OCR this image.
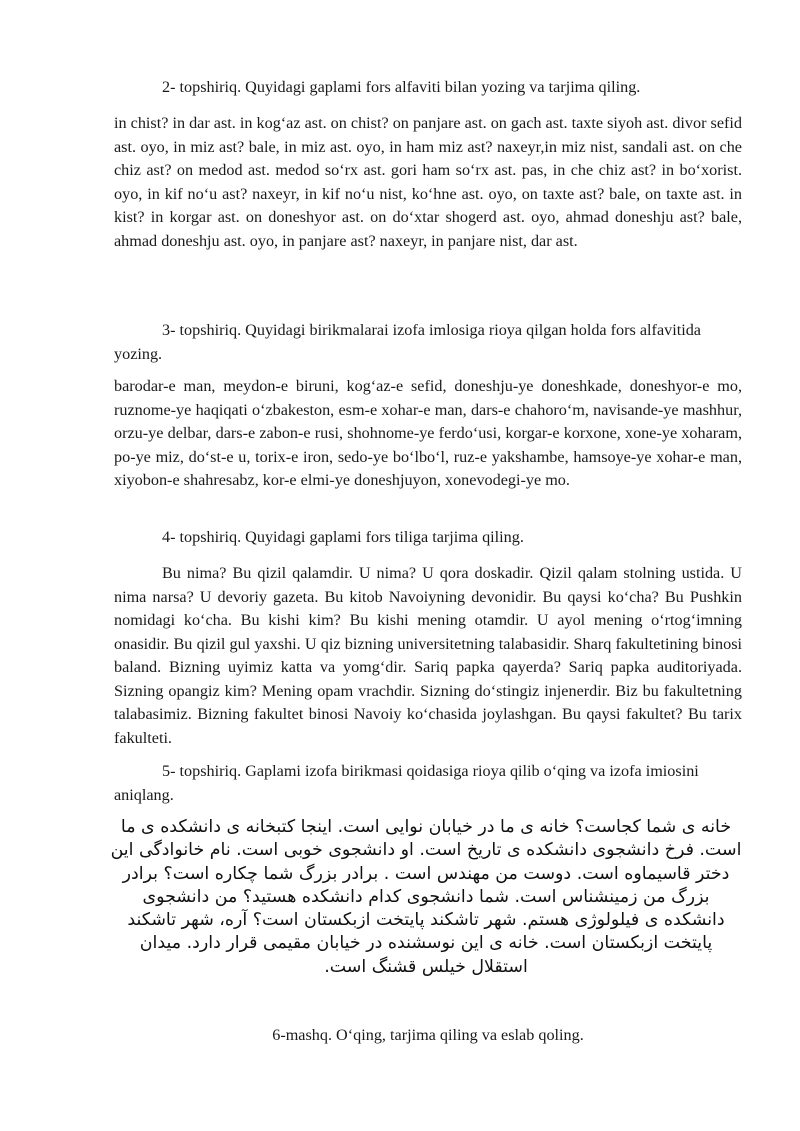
2- topshiriq. Quyidagi gaplami fors alfaviti bilan yozing va tarjima qiling.
in chist? in dar ast. in kog‘az ast. on chist? on panjare ast. on gach ast. taxte siyoh ast. divor sefid ast. oyo, in miz ast? bale, in miz ast. oyo, in ham miz ast? naxeyr,in miz nist, sandali ast. on che chiz ast? on medod ast. medod so‘rx ast. gori ham so‘rx ast. pas, in che chiz ast? in bo‘xorist. oyo, in kif no‘u ast? naxeyr, in kif no‘u nist, ko‘hne ast. oyo, on taxte ast? bale, on taxte ast. in kist? in korgar ast. on doneshyor ast. on do‘xtar shogerd ast. oyo, ahmad doneshju ast? bale, ahmad doneshju ast. oyo, in panjare ast? naxeyr, in panjare nist, dar ast.
3- topshiriq. Quyidagi birikmalarai izofa imlosiga rioya qilgan holda fors alfavitida yozing.
barodar-e man, meydon-e biruni, kog‘az-e sefid, doneshju-ye doneshkade, doneshyor-e mo, ruznome-ye haqiqati o‘zbakeston, esm-e xohar-e man, dars-e chahoro‘m, navisande-ye mashhur, orzu-ye delbar, dars-e zabon-e rusi, shohnome-ye ferdo‘usi, korgar-e korxone, xone-ye xoharam, po-ye miz, do‘st-e u, torix-e iron, sedo-ye bo‘lbo‘l, ruz-e yakshambe, hamsoye-ye xohar-e man, xiyobon-e shahresabz, kor-e elmi-ye doneshjuyon, xonevodegi-ye mo.
4- topshiriq. Quyidagi gaplami fors tiliga tarjima qiling.
Bu nima? Bu qizil qalamdir. U nima? U qora doskadir. Qizil qalam stolning ustida. U nima narsa? U devoriy gazeta. Bu kitob Navoiyning devonidir. Bu qaysi ko‘cha? Bu Pushkin nomidagi ko‘cha. Bu kishi kim? Bu kishi mening otamdir. U ayol mening o‘rtog‘imning onasidir. Bu qizil gul yaxshi. U qiz bizning universitetning talabasidir. Sharq fakultetining binosi baland. Bizning uyimiz katta va yomg‘dir. Sariq papka qayerda? Sariq papka auditoriyada. Sizning opangiz kim? Mening opam vrachdir. Sizning do‘stingiz injenerdir. Biz bu fakultetning talabasimiz. Bizning fakultet binosi Navoiy ko‘chasida joylashgan. Bu qaysi fakultet? Bu tarix fakulteti.
5- topshiriq. Gaplami izofa birikmasi qoidasiga rioya qilib o‘qing va izofa imiosini aniqlang.
خانه ی شما کجاست؟ خانه ی ما در خیابان نوایی است. اینجا کتبخانه ی دانشکده ی ما است. فرخ دانشجوی دانشکده ی تاریخ است. او دانشجوی خوبی است. نام خانوادگی این دختر قاسیماوه است. دوست من مهندس است . برادر بزرگ شما چکاره است؟ برادر بزرگ من زمینشناس است. شما دانشجوی کدام دانشکده هستید؟ من دانشجوی دانشکده ی فیلولوژی هستم. شهر تاشکند پایتخت ازبکستان است؟ آره، شهر تاشکند پایتخت ازبکستان است. خانه ی این نوسشنده در خیابان مقیمی قرار دارد. میدان استقلال خیلس قشنگ است.
6-mashq. O‘qing, tarjima qiling va eslab qoling.
